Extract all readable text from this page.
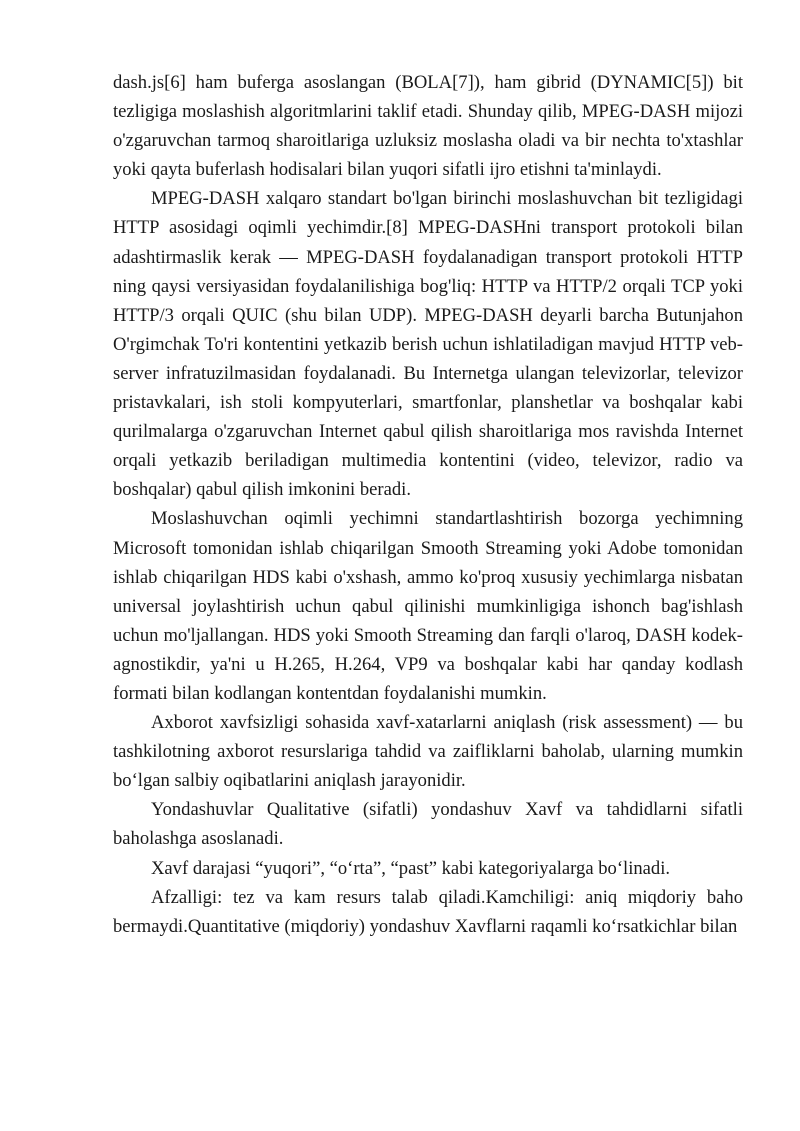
dash.js[6] ham buferga asoslangan (BOLA[7]), ham gibrid (DYNAMIC[5]) bit tezligiga moslashish algoritmlarini taklif etadi. Shunday qilib, MPEG-DASH mijozi o'zgaruvchan tarmoq sharoitlariga uzluksiz moslasha oladi va bir nechta to'xtashlar yoki qayta buferlash hodisalari bilan yuqori sifatli ijro etishni ta'minlaydi.

MPEG-DASH xalqaro standart bo'lgan birinchi moslashuvchan bit tezligidagi HTTP asosidagi oqimli yechimdir.[8] MPEG-DASHni transport protokoli bilan adashtirmaslik kerak — MPEG-DASH foydalanadigan transport protokoli HTTP ning qaysi versiyasidan foydalanilishiga bog'liq: HTTP va HTTP/2 orqali TCP yoki HTTP/3 orqali QUIC (shu bilan UDP). MPEG-DASH deyarli barcha Butunjahon O'rgimchak To'ri kontentini yetkazib berish uchun ishlatiladigan mavjud HTTP veb-server infratuzilmasidan foydalanadi. Bu Internetga ulangan televizorlar, televizor pristavkalari, ish stoli kompyuterlari, smartfonlar, planshetlar va boshqalar kabi qurilmalarga o'zgaruvchan Internet qabul qilish sharoitlariga mos ravishda Internet orqali yetkazib beriladigan multimedia kontentini (video, televizor, radio va boshqalar) qabul qilish imkonini beradi.

Moslashuvchan oqimli yechimni standartlashtirish bozorga yechimning Microsoft tomonidan ishlab chiqarilgan Smooth Streaming yoki Adobe tomonidan ishlab chiqarilgan HDS kabi o'xshash, ammo ko'proq xususiy yechimlarga nisbatan universal joylashtirish uchun qabul qilinishi mumkinligiga ishonch bag'ishlash uchun mo'ljallangan. HDS yoki Smooth Streaming dan farqli o'laroq, DASH kodek-agnostikdir, ya'ni u H.265, H.264, VP9 va boshqalar kabi har qanday kodlash formati bilan kodlangan kontentdan foydalanishi mumkin.

Axborot xavfsizligi sohasida xavf-xatarlarni aniqlash (risk assessment) — bu tashkilotning axborot resurslariga tahdid va zaifliklarni baholab, ularning mumkin bo‘lgan salbiy oqibatlarini aniqlash jarayonidir.

Yondashuvlar Qualitative (sifatli) yondashuv Xavf va tahdidlarni sifatli baholashga asoslanadi.

Xavf darajasi “yuqori”, “o‘rta”, “past” kabi kategoriyalarga bo‘linadi.

Afzalligi: tez va kam resurs talab qiladi.Kamchiligi: aniq miqdoriy baho bermaydi.Quantitative (miqdoriy) yondashuv Xavflarni raqamli ko‘rsatkichlar bilan
